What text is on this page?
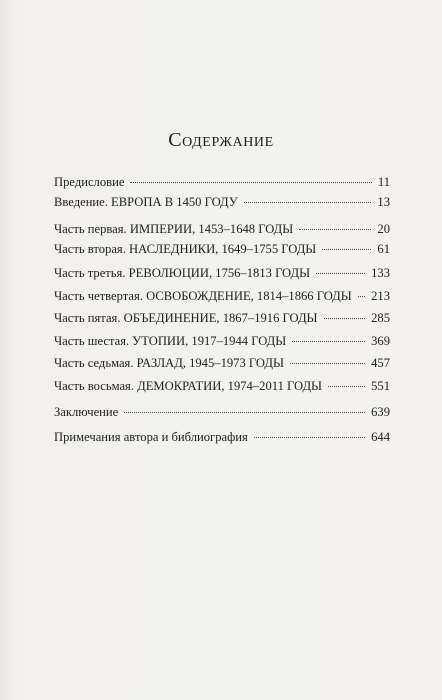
Содержание
Предисловие	11
Введение. ЕВРОПА В 1450 ГОДУ	13
Часть первая. ИМПЕРИИ, 1453–1648 ГОДЫ	20
Часть вторая. НАСЛЕДНИКИ, 1649–1755 ГОДЫ	61
Часть третья. РЕВОЛЮЦИИ, 1756–1813 ГОДЫ	133
Часть четвертая. ОСВОБОЖДЕНИЕ, 1814–1866 ГОДЫ 213
Часть пятая. ОБЪЕДИНЕНИЕ, 1867–1916 ГОДЫ	285
Часть шестая. УТОПИИ, 1917–1944 ГОДЫ	369
Часть седьмая. РАЗЛАД, 1945–1973 ГОДЫ	457
Часть восьмая. ДЕМОКРАТИИ, 1974–2011 ГОДЫ	551
Заключение	639
Примечания автора и библиография	644
